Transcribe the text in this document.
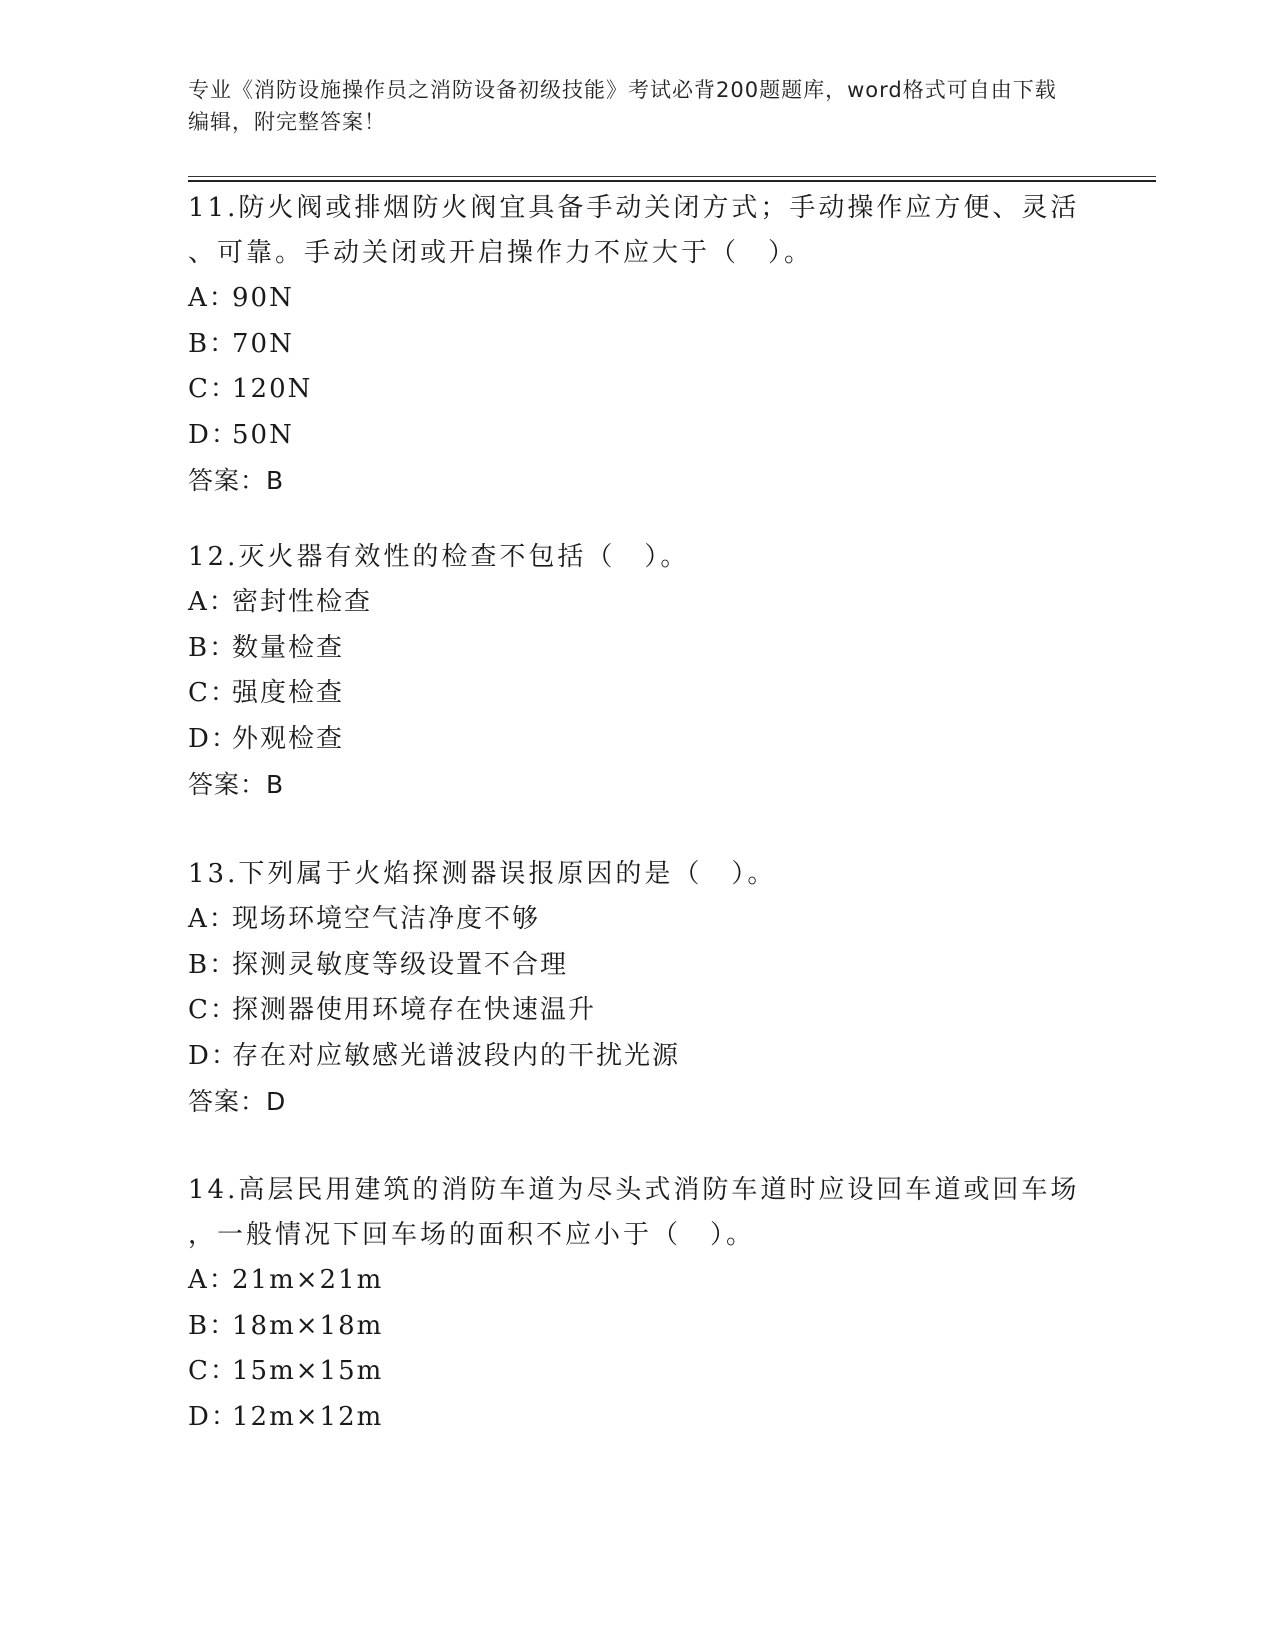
专业《消防设施操作员之消防设备初级技能》考试必背200题题库，word格式可自由下载编辑，附完整答案！

11.防火阀或排烟防火阀宜具备手动关闭方式；手动操作应方便、灵活
、可靠。手动关闭或开启操作力不应大于（　）。

A：90N

B：70N

C：120N

D：50N

答案：B

12.灭火器有效性的检查不包括（　）。

A：密封性检查

B：数量检查

C：强度检查

D：外观检查

答案：B

13.下列属于火焰探测器误报原因的是（　）。

A：现场环境空气洁净度不够

B：探测灵敏度等级设置不合理

C：探测器使用环境存在快速温升

D：存在对应敏感光谱波段内的干扰光源

答案：D

14.高层民用建筑的消防车道为尽头式消防车道时应设回车道或回车场
，一般情况下回车场的面积不应小于（　）。

A：21m×21m

B：18m×18m

C：15m×15m

D：12m×12m
